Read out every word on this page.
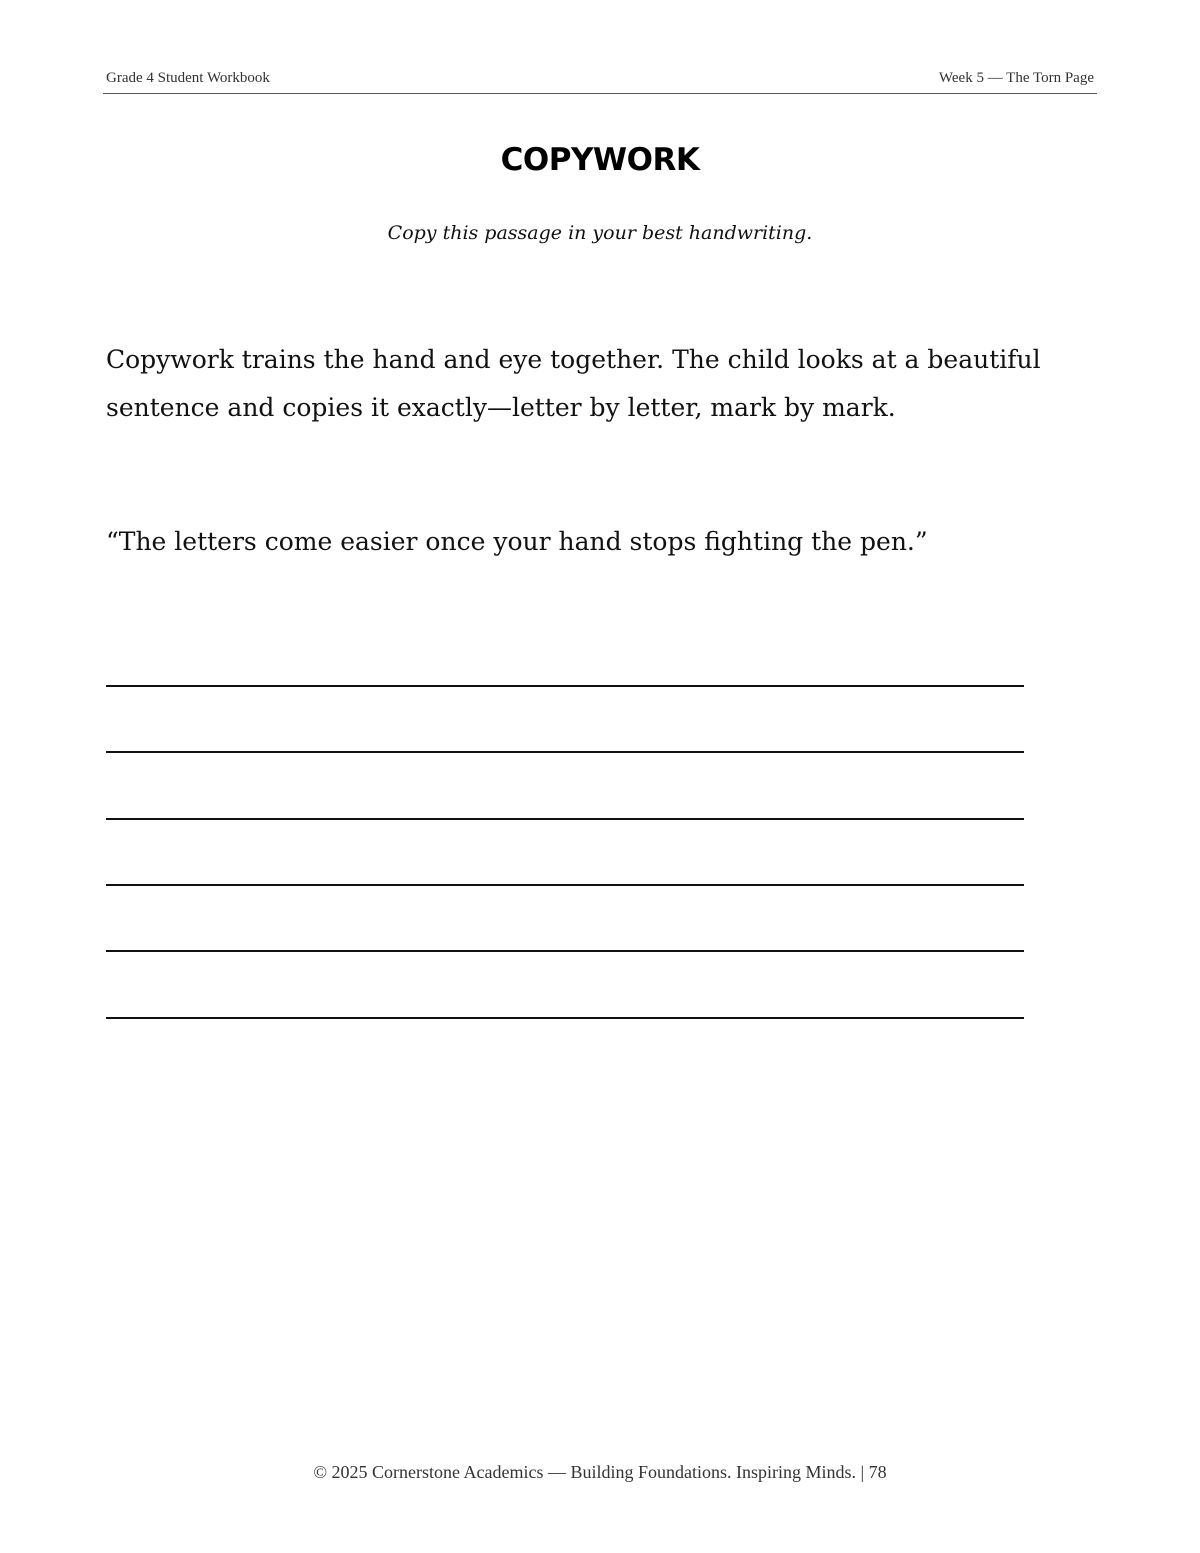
Grade 4 Student Workbook	Week 5 — The Torn Page
COPYWORK
Copy this passage in your best handwriting.
Copywork trains the hand and eye together. The child looks at a beautiful
sentence and copies it exactly—letter by letter, mark by mark.
“The letters come easier once your hand stops fighting the pen.”
© 2025 Cornerstone Academics — Building Foundations. Inspiring Minds. | 78
